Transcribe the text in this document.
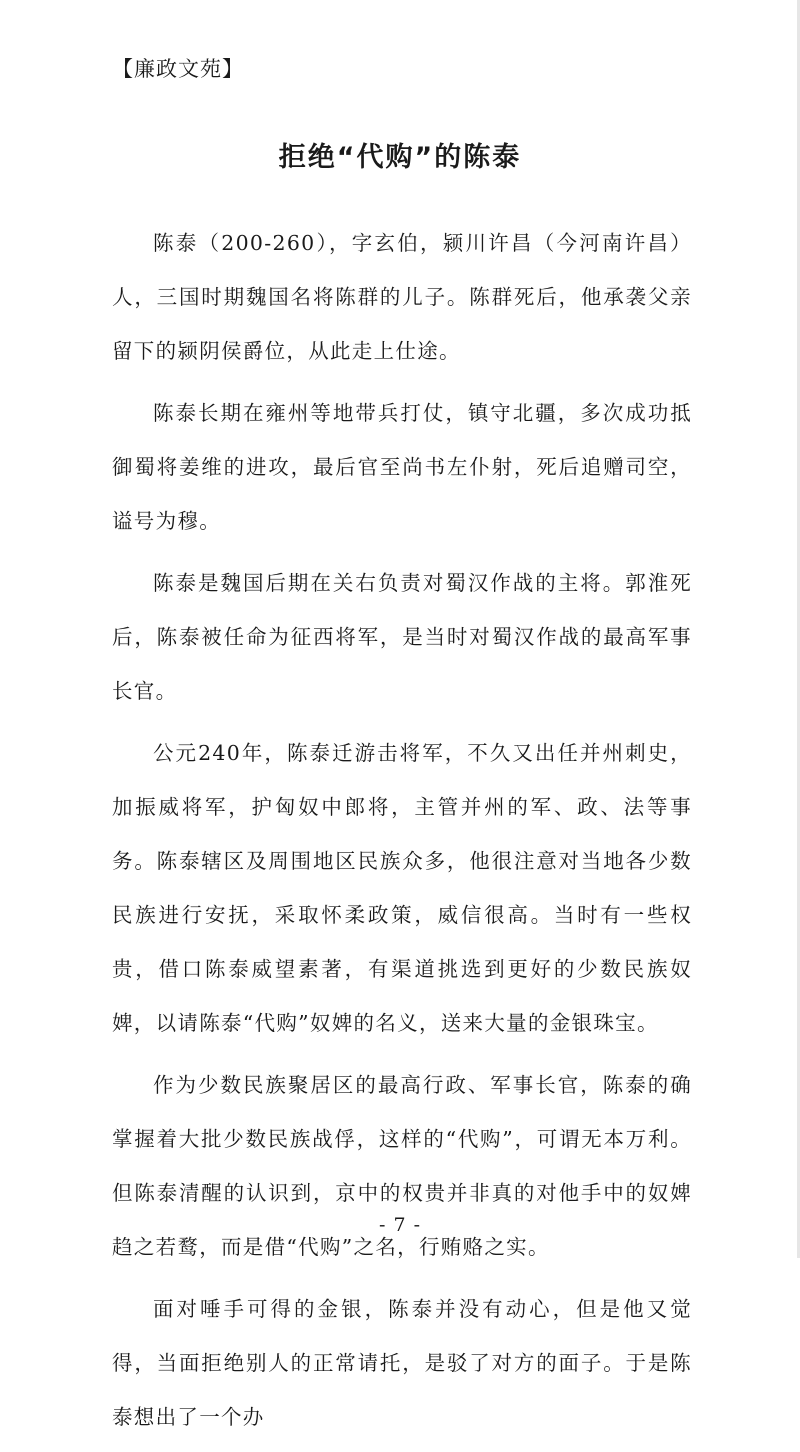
【廉政文苑】
拒绝“代购”的陈泰

陈泰（200-260），字玄伯，颍川许昌（今河南许昌）人，三国时期魏国名将陈群的儿子。陈群死后，他承袭父亲留下的颍阴侯爵位，从此走上仕途。

陈泰长期在雍州等地带兵打仗，镇守北疆，多次成功抵御蜀将姜维的进攻，最后官至尚书左仆射，死后追赠司空，谥号为穆。

陈泰是魏国后期在关右负责对蜀汉作战的主将。郭淮死后，陈泰被任命为征西将军，是当时对蜀汉作战的最高军事长官。

公元240年，陈泰迁游击将军，不久又出任并州刺史，加振威将军，护匈奴中郎将，主管并州的军、政、法等事务。陈泰辖区及周围地区民族众多，他很注意对当地各少数民族进行安抚，采取怀柔政策，威信很高。当时有一些权贵，借口陈泰威望素著，有渠道挑选到更好的少数民族奴婢，以请陈泰“代购”奴婢的名义，送来大量的金银珠宝。

作为少数民族聚居区的最高行政、军事长官，陈泰的确掌握着大批少数民族战俘，这样的“代购”，可谓无本万利。但陈泰清醒的认识到，京中的权贵并非真的对他手中的奴婢趋之若鹜，而是借“代购”之名，行贿赂之实。

面对唾手可得的金银，陈泰并没有动心，但是他又觉得，当面拒绝别人的正常请托，是驳了对方的面子。于是陈泰想出了一个办

- 7 -
